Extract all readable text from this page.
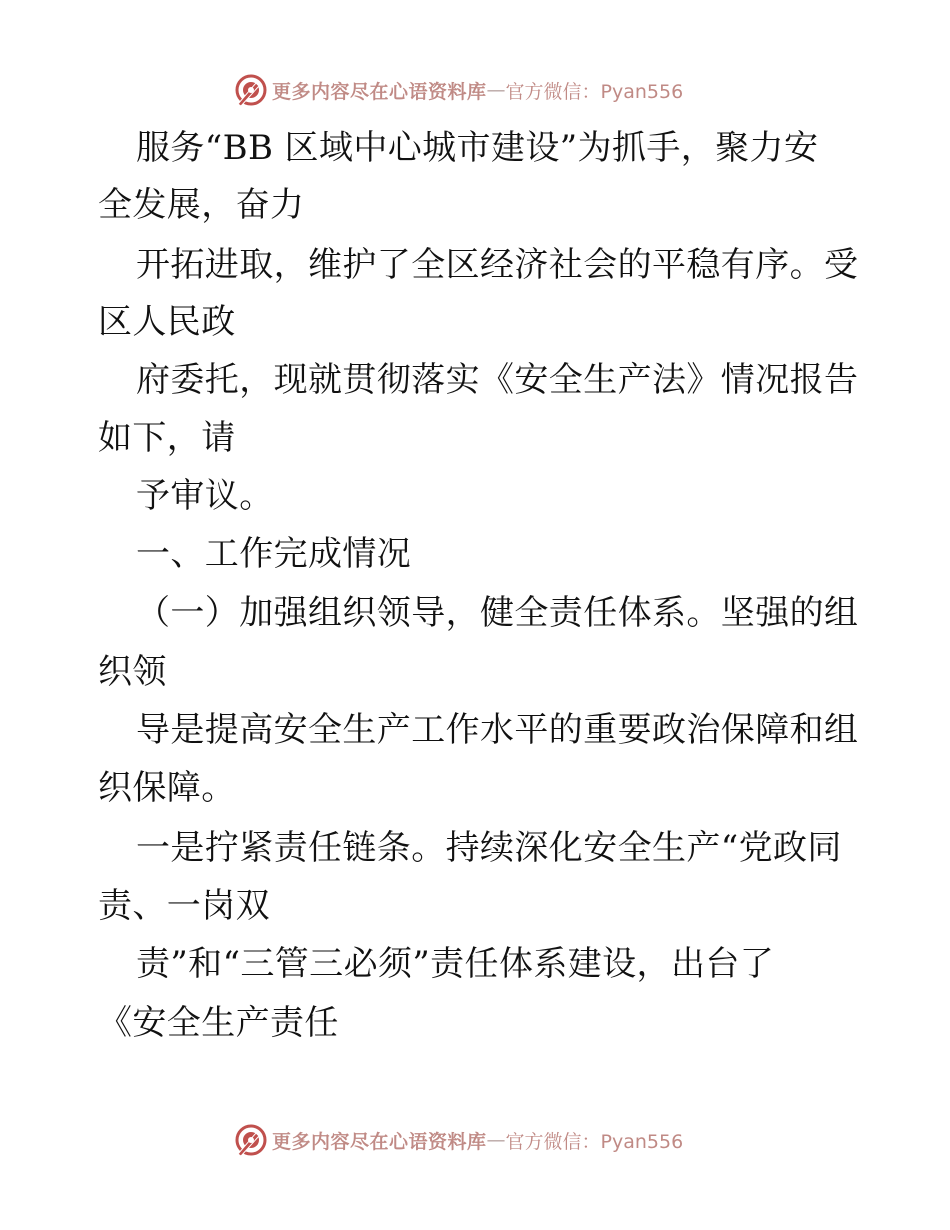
更多内容尽在心语资料库 — 官方微信：Pyan556
服务“BB 区域中心城市建设”为抓手，聚力安
全发展，奋力
开拓进取，维护了全区经济社会的平稳有序。受
区人民政
府委托，现就贯彻落实《安全生产法》情况报告
如下，请
予审议。
一、工作完成情况
（一）加强组织领导，健全责任体系。坚强的组
织领
导是提高安全生产工作水平的重要政治保障和组
织保障。
一是拧紧责任链条。持续深化安全生产“党政同
责、一岗双
责”和“三管三必须”责任体系建设，出台了
《安全生产责任
更多内容尽在心语资料库 — 官方微信：Pyan556
